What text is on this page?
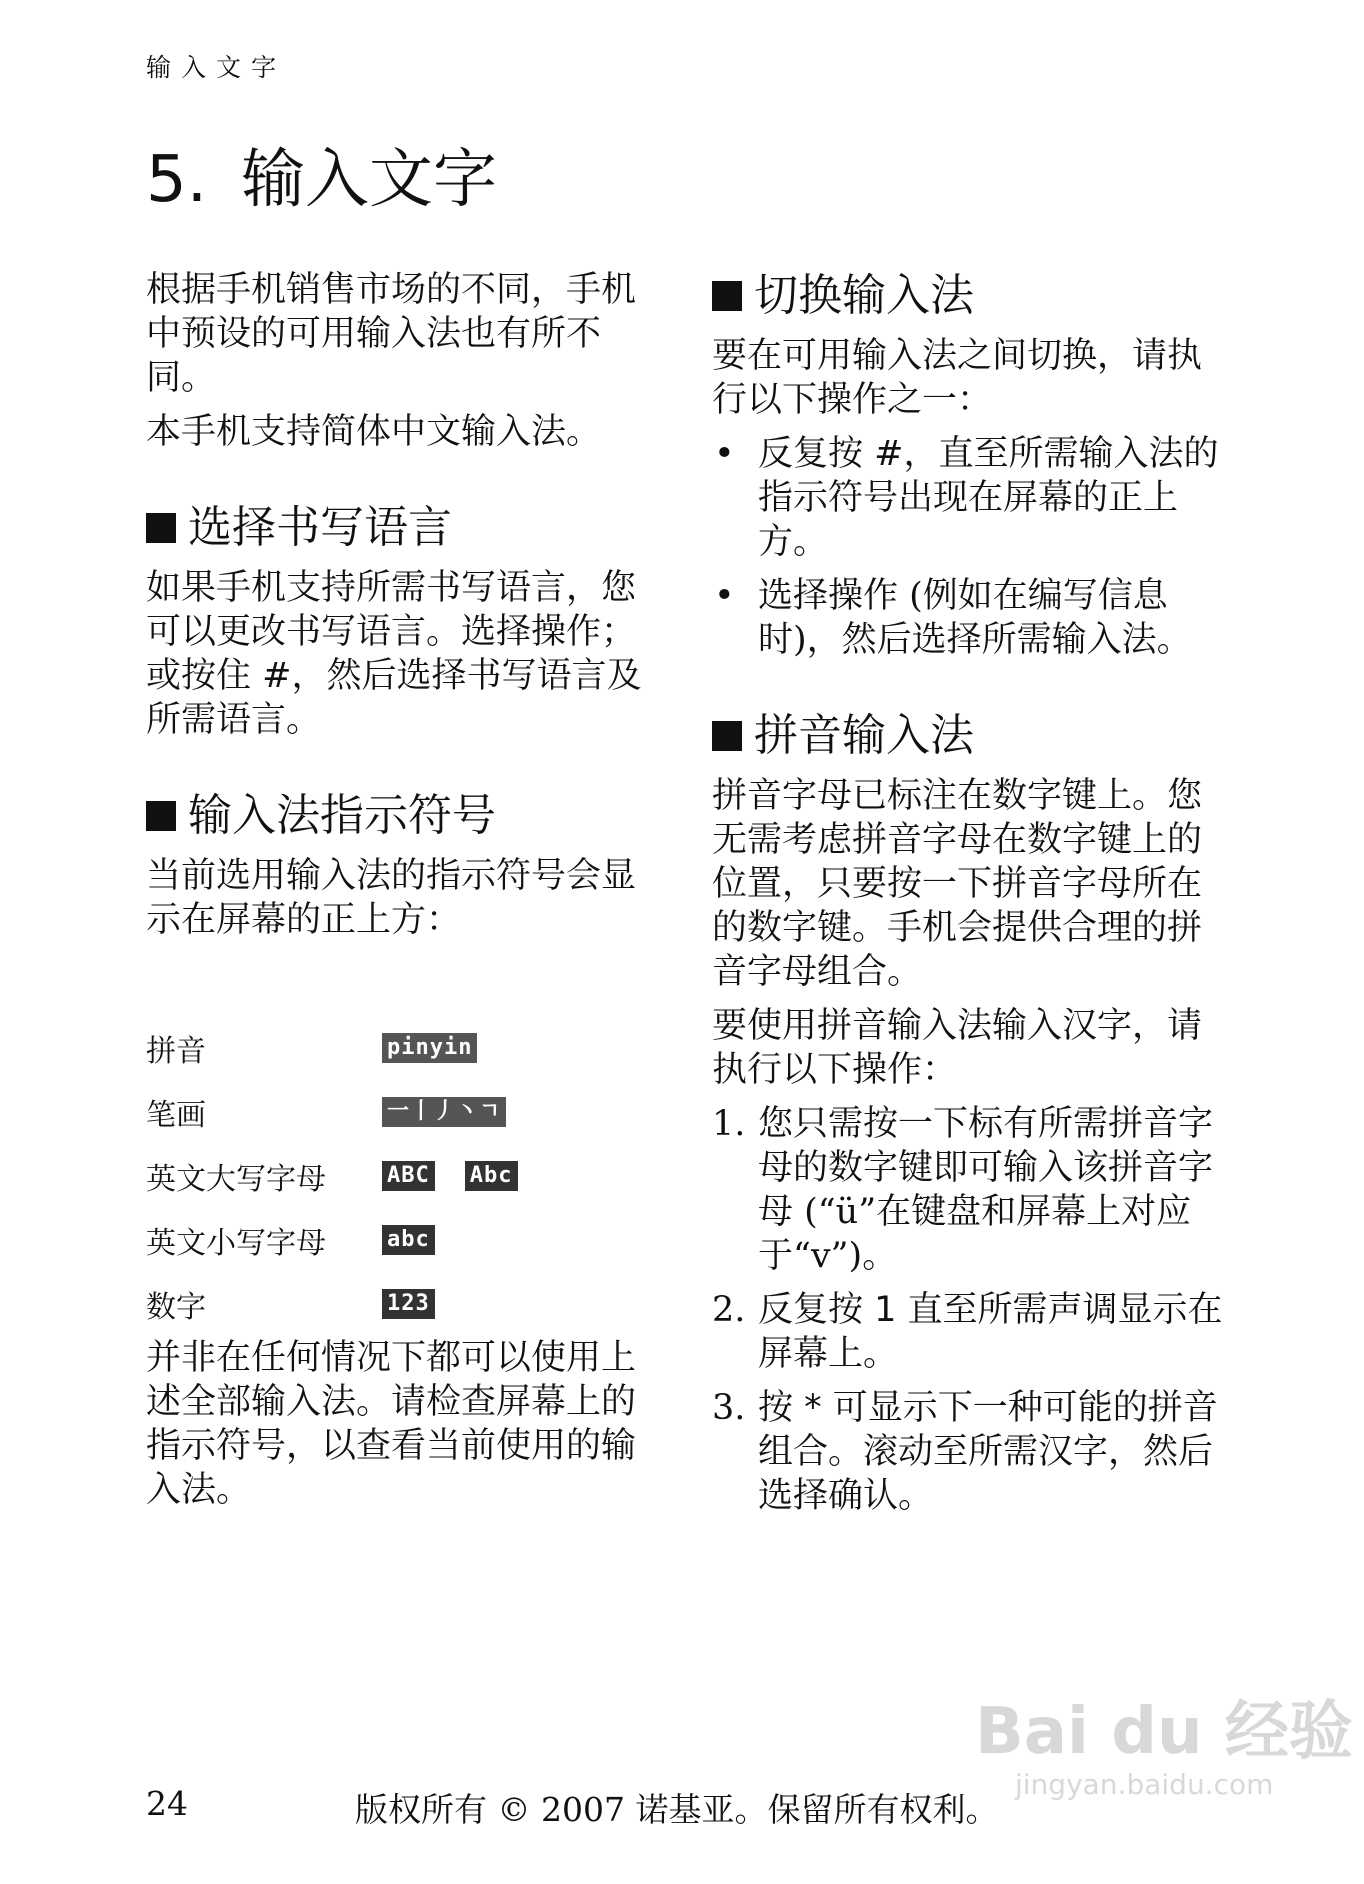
输入文字
5. 输入文字

根据手机销售市场的不同，手机中预设的可用输入法也有所不同。

本手机支持简体中文输入法。

选择书写语言

如果手机支持所需书写语言，您可以更改书写语言。选择操作；或按住 #，然后选择书写语言及所需语言。

输入法指示符号

当前选用输入法的指示符号会显示在屏幕的正上方：

拼音	pinyin
笔画	一丨丿丶ㄱ
英文大写字母	ABC Abc
英文小写字母	abc
数字	123

并非在任何情况下都可以使用上述全部输入法。请检查屏幕上的指示符号，以查看当前使用的输入法。

切换输入法

要在可用输入法之间切换，请执行以下操作之一：

• 反复按 #，直至所需输入法的指示符号出现在屏幕的正上方。
• 选择操作 (例如在编写信息时)，然后选择所需输入法。
拼音输入法

拼音字母已标注在数字键上。您无需考虑拼音字母在数字键上的位置，只要按一下拼音字母所在的数字键。手机会提供合理的拼音字母组合。

要使用拼音输入法输入汉字，请执行以下操作：

1. 您只需按一下标有所需拼音字母的数字键即可输入该拼音字母 (“ü”在键盘和屏幕上对应于“v”)。
2. 反复按 1 直至所需声调显示在屏幕上。
3. 按 * 可显示下一种可能的拼音组合。滚动至所需汉字，然后选择确认。
24	版权所有 © 2007 诺基亚。保留所有权利。
Bai du 经验
jingyan.baidu.com
